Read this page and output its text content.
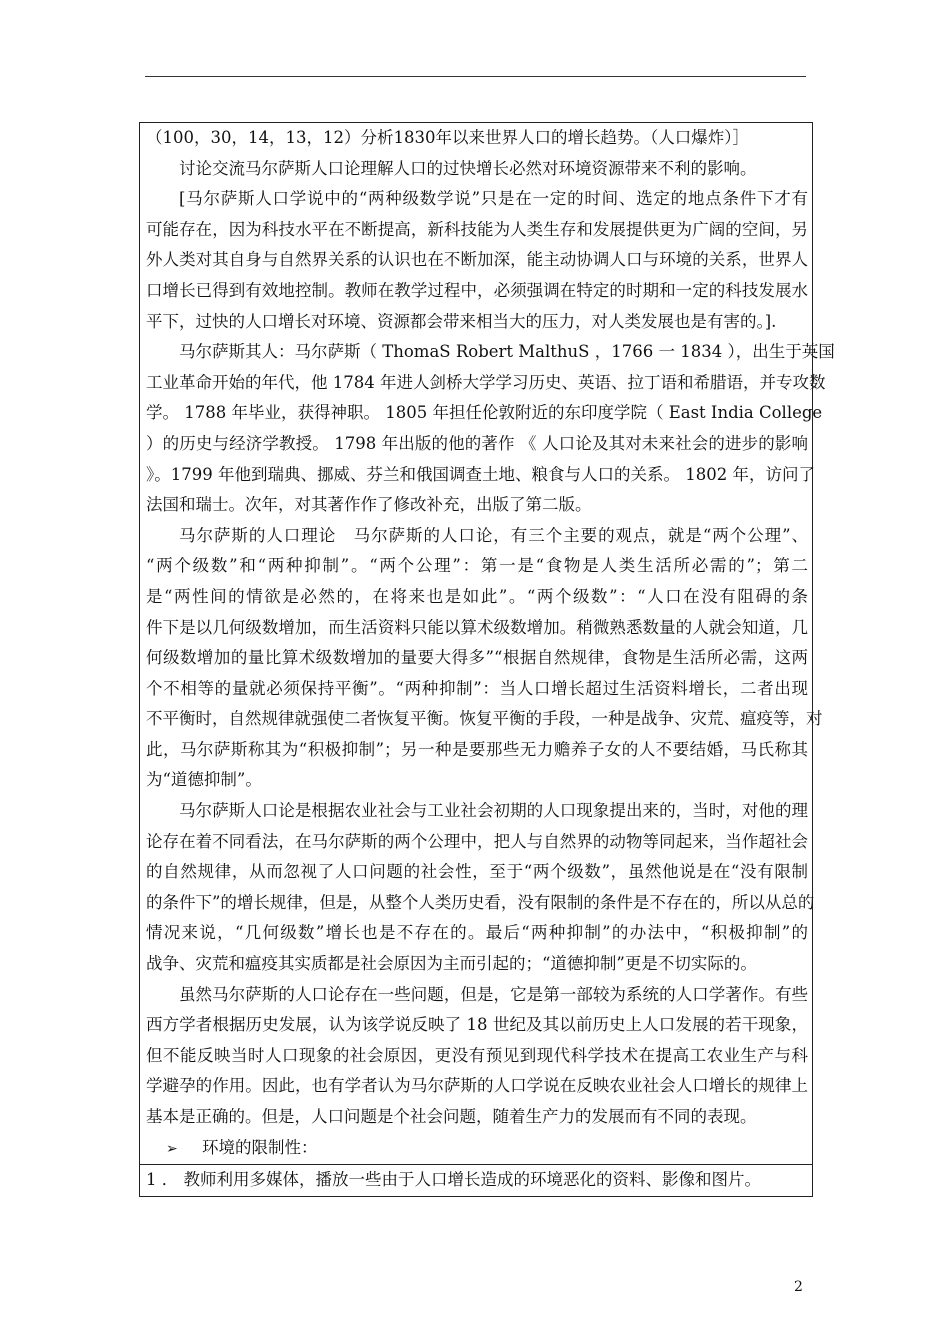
（100，30，14，13，12）分析1830年以来世界人口的增长趋势。（人口爆炸）］
讨论交流马尔萨斯人口论理解人口的过快增长必然对环境资源带来不利的影响。
[马尔萨斯人口学说中的“两种级数学说”只是在一定的时间、选定的地点条件下才有
可能存在，因为科技水平在不断提高，新科技能为人类生存和发展提供更为广阔的空间，另
外人类对其自身与自然界关系的认识也在不断加深，能主动协调人口与环境的关系，世界人
口增长已得到有效地控制。教师在教学过程中，必须强调在特定的时期和一定的科技发展水
平下，过快的人口增长对环境、资源都会带来相当大的压力，对人类发展也是有害的。].
马尔萨斯其人：马尔萨斯（ ThomaS Robert MalthuS ，1766 一 1834 ），出生于英国
工业革命开始的年代，他 1784 年进人剑桥大学学习历史、英语、拉丁语和希腊语，并专攻数
学。 1788 年毕业，获得神职。 1805 年担任伦敦附近的东印度学院（ East India College
）的历史与经济学教授。 1798 年出版的他的著作 《 人口论及其对未来社会的进步的影响
》。1799 年他到瑞典、挪威、芬兰和俄国调查土地、粮食与人口的关系。 1802 年，访问了
法国和瑞士。次年，对其著作作了修改补充，出版了第二版。
马尔萨斯的人口理论　马尔萨斯的人口论，有三个主要的观点，就是“两个公理”、
“两个级数”和“两种抑制”。“两个公理”：第一是“食物是人类生活所必需的”；第二
是“两性间的情欲是必然的，在将来也是如此”。“两个级数”：“人口在没有阻碍的条
件下是以几何级数增加，而生活资料只能以算术级数增加。稍微熟悉数量的人就会知道，几
何级数增加的量比算术级数增加的量要大得多”“根据自然规律，食物是生活所必需，这两
个不相等的量就必须保持平衡”。“两种抑制”：当人口增长超过生活资料增长，二者出现
不平衡时，自然规律就强使二者恢复平衡。恢复平衡的手段，一种是战争、灾荒、瘟疫等，对
此，马尔萨斯称其为“积极抑制”；另一种是要那些无力赡养子女的人不要结婚，马氏称其
为“道德抑制”。
马尔萨斯人口论是根据农业社会与工业社会初期的人口现象提出来的，当时，对他的理
论存在着不同看法，在马尔萨斯的两个公理中，把人与自然界的动物等同起来，当作超社会
的自然规律，从而忽视了人口问题的社会性，至于“两个级数”，虽然他说是在“没有限制
的条件下”的增长规律，但是，从整个人类历史看，没有限制的条件是不存在的，所以从总的
情况来说，“几何级数”增长也是不存在的。最后“两种抑制”的办法中，“积极抑制”的
战争、灾荒和瘟疫其实质都是社会原因为主而引起的；“道德抑制”更是不切实际的。
虽然马尔萨斯的人口论存在一些问题，但是，它是第一部较为系统的人口学著作。有些
西方学者根据历史发展，认为该学说反映了 18 世纪及其以前历史上人口发展的若干现象，
但不能反映当时人口现象的社会原因，更没有预见到现代科学技术在提高工农业生产与科
学避孕的作用。因此，也有学者认为马尔萨斯的人口学说在反映农业社会人口增长的规律上
基本是正确的。但是，人口问题是个社会问题，随着生产力的发展而有不同的表现。
➢ 环境的限制性：
1 ． 教师利用多媒体，播放一些由于人口增长造成的环境恶化的资料、影像和图片。
2
